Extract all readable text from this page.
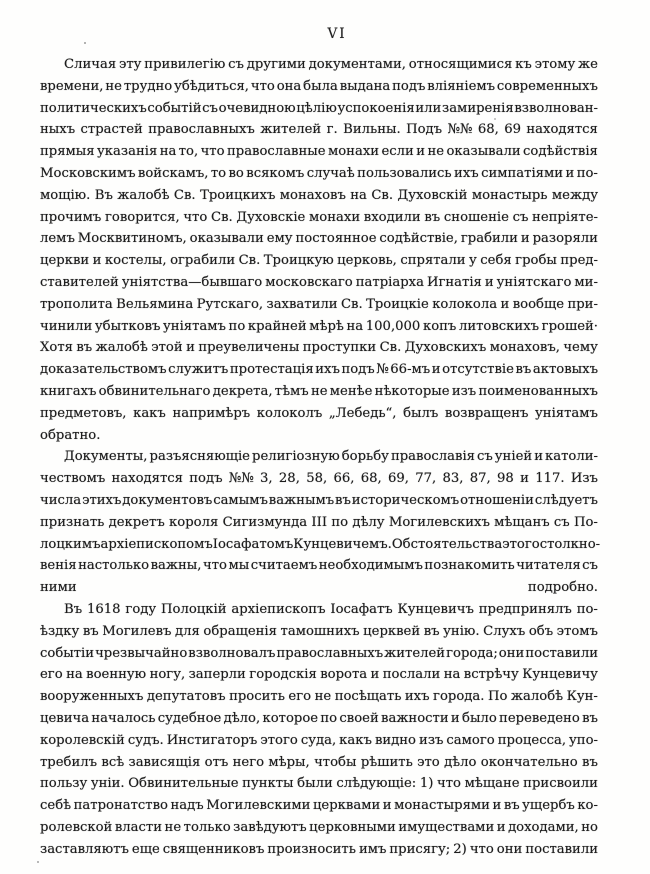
VI
Сличая эту привилегію съ другими документами, относящимися къ этому же
времени, не трудно убѣдиться, что она была выдана подъ вліяніемъ современныхъ
политическихъ событій съ очевидною цѣлію успокоенія или замиренія взволнован-
ныхъ страстей православныхъ жителей г. Вильны. Подъ №№ 68, 69 находятся
прямыя указанія на то, что православные монахи если и не оказывали содѣйствія
Московскимъ войскамъ, то во всякомъ случаѣ пользовались ихъ симпатіями и по-
мощію. Въ жалобѣ Св. Троицкихъ монаховъ на Св. Духовскій монастырь между
прочимъ говорится, что Св. Духовскіе монахи входили въ сношеніе съ непріяте-
лемъ Москвитиномъ, оказывали ему постоянное содѣйствіе, грабили и разоряли
церкви и костелы, ограбили Св. Троицкую церковь, спрятали у себя гробы пред-
ставителей уніятства—бывшаго московскаго патріарха Игнатія и уніятскаго ми-
трополита Вельямина Рутскаго, захватили Св. Троицкіе колокола и вообще при-
чинили убытковъ уніятамъ по крайней мѣрѣ на 100,000 копъ литовскихъ грошей·
Хотя въ жалобѣ этой и преувеличены проступки Св. Духовскихъ монаховъ, чему
доказательствомъ служитъ протестація ихъ подъ № 66-мъ и отсутствіе въ актовыхъ
книгахъ обвинительнаго декрета, тѣмъ не менѣе нѣкоторые изъ поименованныхъ
предметовъ, какъ напримѣръ колоколъ „Лебедь“, былъ возвращенъ уніятамъ
обратно.
Документы, разъясняющіе религіозную борьбу православія съ уніей и католи-
чествомъ находятся подъ №№ 3, 28, 58, 66, 68, 69, 77, 83, 87, 98 и 117. Изъ
числа этихъ документовъ самымъ важнымъ въ историческомъ отношеніи слѣдуетъ
признать декретъ короля Сигизмунда III по дѣлу Могилевскихъ мѣщанъ съ По-
лоцкимъ архіепископомъ Іосафатомъ Кунцевичемъ. Обстоятельства этого столкно-
венія настолько важны, что мы считаемъ необходимымъ познакомить читателя съ
ними	подробно.
Въ 1618 году Полоцкій архіепископъ Іосафатъ Кунцевичъ предпринялъ по-
ѣздку въ Могилевъ для обращенія тамошнихъ церквей въ унію. Слухъ объ этомъ
событіи чрезвычайно взволновалъ православныхъ жителей города; они поставили
его на военную ногу, заперли городскія ворота и послали на встрѣчу Кунцевичу
вооруженныхъ депутатовъ просить его не посѣщать ихъ города. По жалобѣ Кун-
цевича началось судебное дѣло, которое по своей важности и было переведено въ
королевскій судъ. Инстигаторъ этого суда, какъ видно изъ самого процесса, упо-
требилъ всѣ зависящія отъ него мѣры, чтобы рѣшить это дѣло окончательно въ
пользу уніи. Обвинительные пункты были слѣдующіе: 1) что мѣщане присвоили
себѣ патронатство надъ Могилевскими церквами и монастырями и въ ущербъ ко-
ролевской власти не только завѣдуютъ церковными имуществами и доходами, но
заставляютъ еще священниковъ произносить имъ присягу; 2) что они поставили
